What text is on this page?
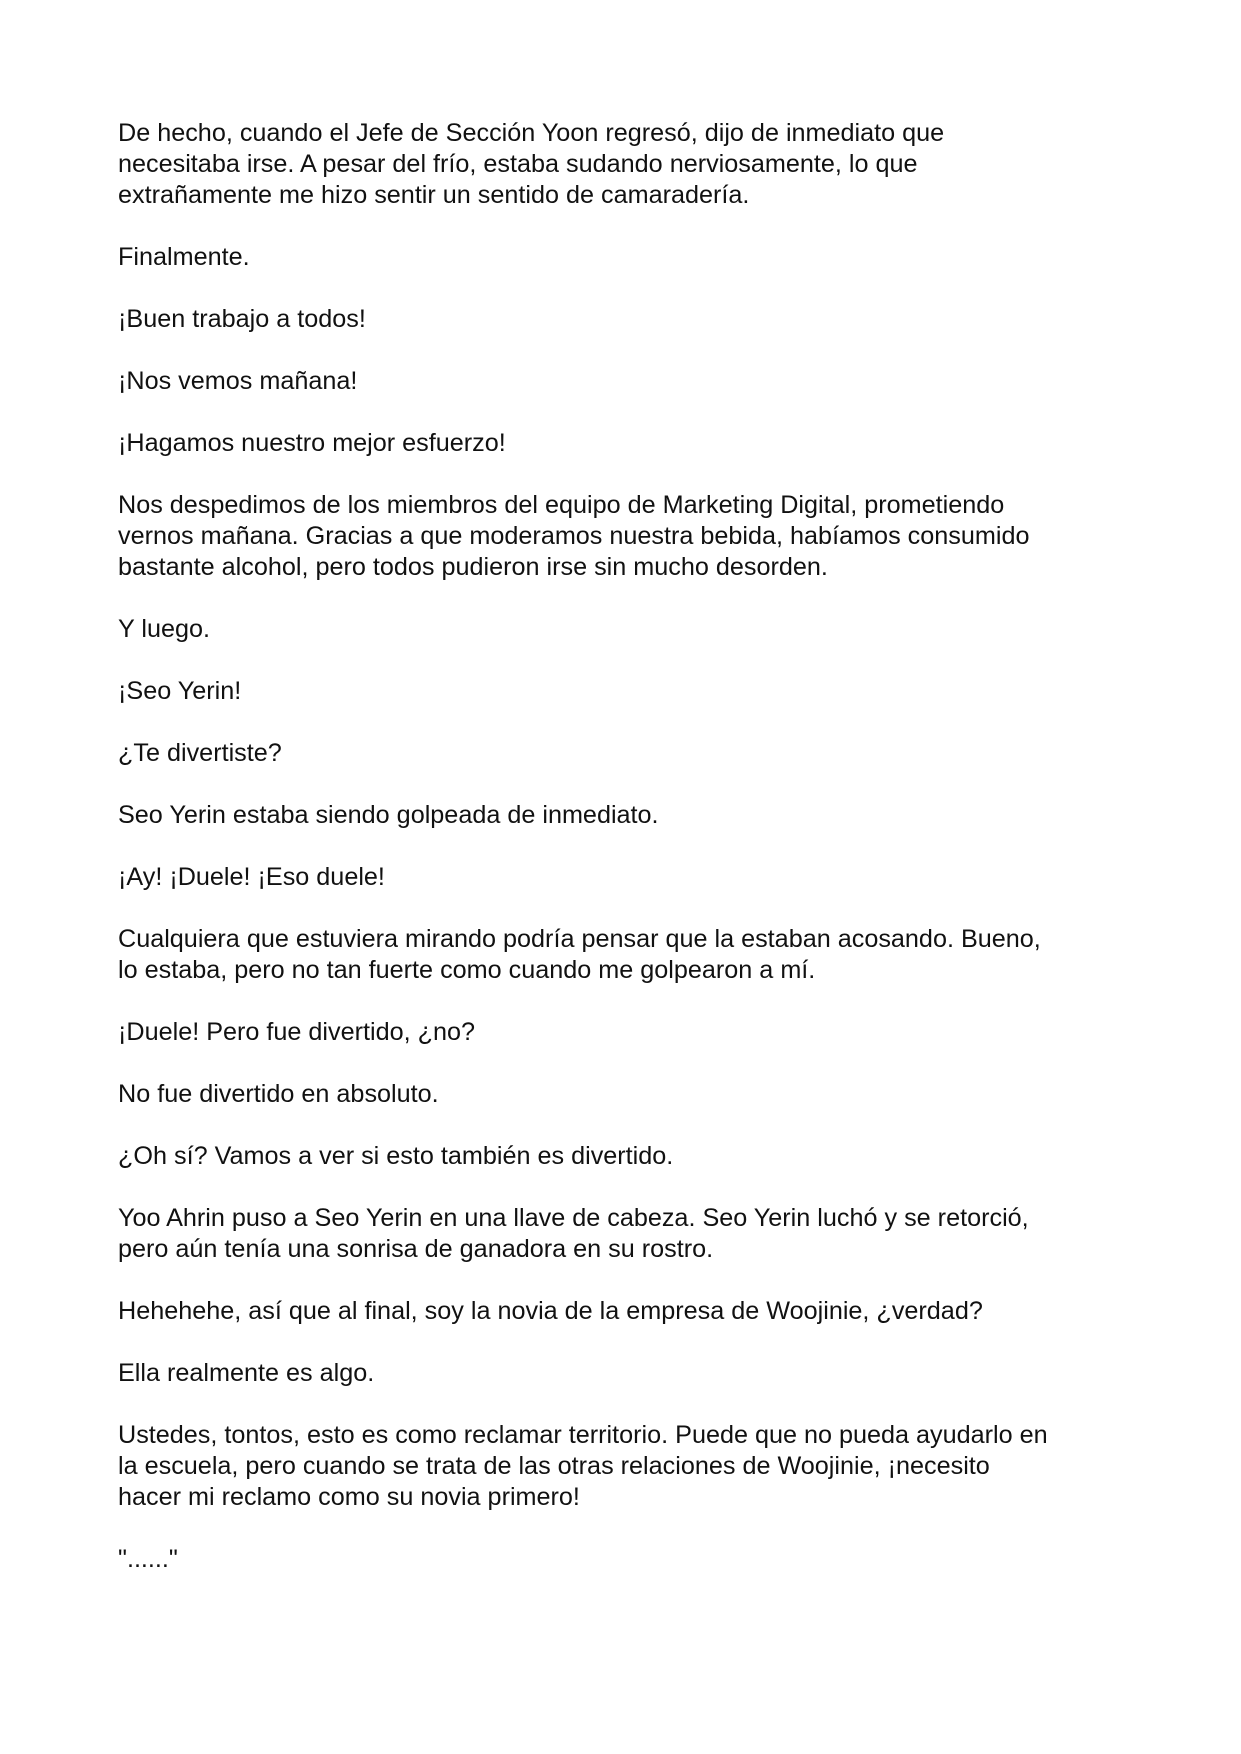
De hecho, cuando el Jefe de Sección Yoon regresó, dijo de inmediato que
necesitaba irse. A pesar del frío, estaba sudando nerviosamente, lo que
extrañamente me hizo sentir un sentido de camaradería.

Finalmente.

¡Buen trabajo a todos!

¡Nos vemos mañana!

¡Hagamos nuestro mejor esfuerzo!

Nos despedimos de los miembros del equipo de Marketing Digital, prometiendo
vernos mañana. Gracias a que moderamos nuestra bebida, habíamos consumido
bastante alcohol, pero todos pudieron irse sin mucho desorden.

Y luego.

¡Seo Yerin!

¿Te divertiste?

Seo Yerin estaba siendo golpeada de inmediato.

¡Ay! ¡Duele! ¡Eso duele!

Cualquiera que estuviera mirando podría pensar que la estaban acosando. Bueno,
lo estaba, pero no tan fuerte como cuando me golpearon a mí.

¡Duele! Pero fue divertido, ¿no?

No fue divertido en absoluto.

¿Oh sí? Vamos a ver si esto también es divertido.

Yoo Ahrin puso a Seo Yerin en una llave de cabeza. Seo Yerin luchó y se retorció,
pero aún tenía una sonrisa de ganadora en su rostro.

Hehehehe, así que al final, soy la novia de la empresa de Woojinie, ¿verdad?

Ella realmente es algo.

Ustedes, tontos, esto es como reclamar territorio. Puede que no pueda ayudarlo en
la escuela, pero cuando se trata de las otras relaciones de Woojinie, ¡necesito
hacer mi reclamo como su novia primero!

"......"
